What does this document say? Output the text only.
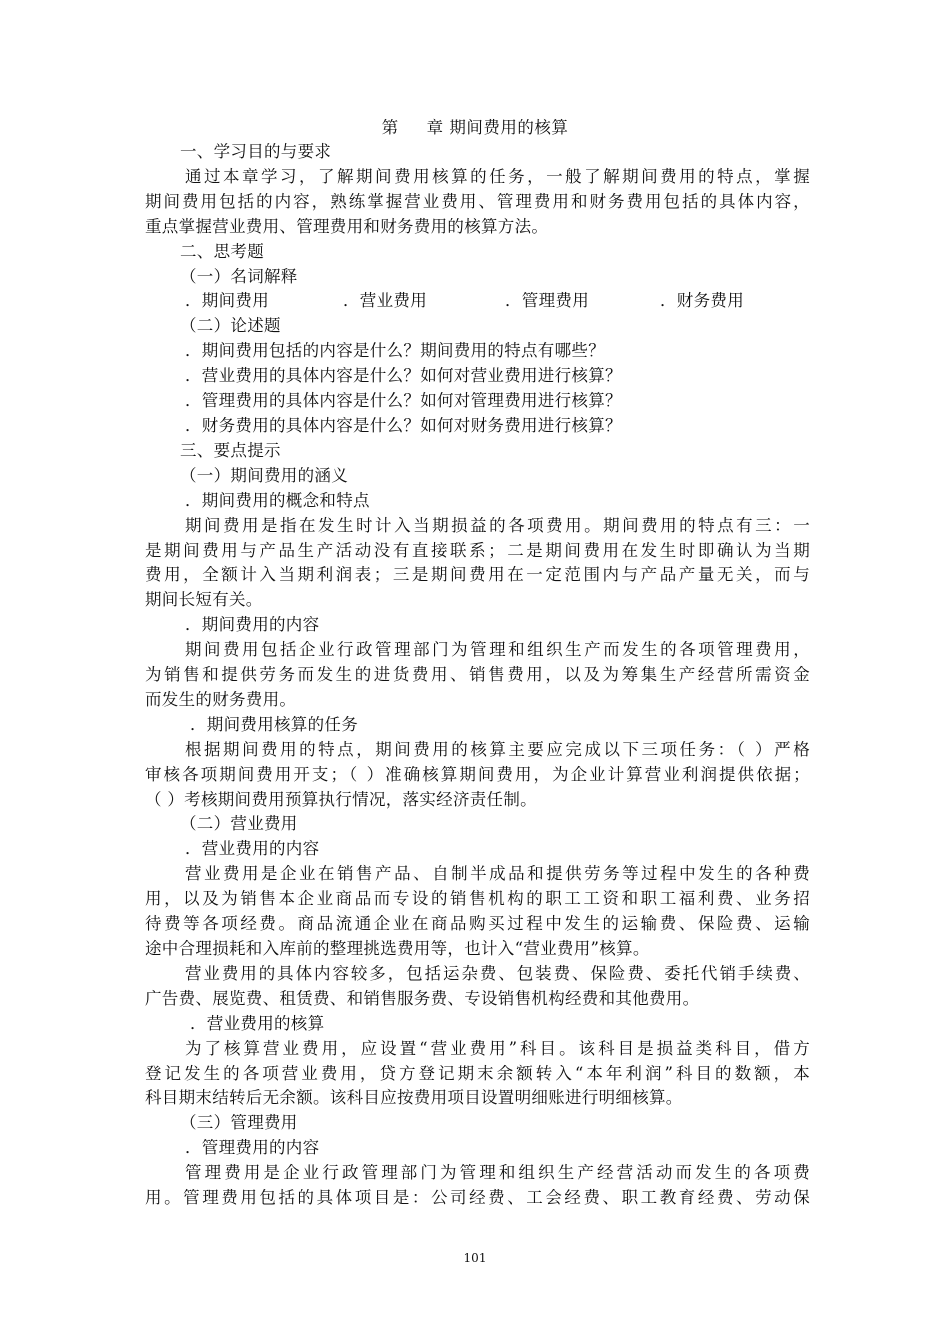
第 章 期间费用的核算
一、学习目的与要求
通过本章学习，了解期间费用核算的任务，一般了解期间费用的特点，掌握
期间费用包括的内容，熟练掌握营业费用、管理费用和财务费用包括的具体内容，
重点掌握营业费用、管理费用和财务费用的核算方法。
二、思考题
（一）名词解释
．期间费用	．营业费用	．管理费用	．财务费用
（二）论述题
．期间费用包括的内容是什么？期间费用的特点有哪些？
．营业费用的具体内容是什么？如何对营业费用进行核算？
．管理费用的具体内容是什么？如何对管理费用进行核算？
．财务费用的具体内容是什么？如何对财务费用进行核算？
三、要点提示
（一）期间费用的涵义
．期间费用的概念和特点
期间费用是指在发生时计入当期损益的各项费用。期间费用的特点有三：一
是期间费用与产品生产活动没有直接联系；二是期间费用在发生时即确认为当期
费用，全额计入当期利润表；三是期间费用在一定范围内与产品产量无关，而与
期间长短有关。
．期间费用的内容
期间费用包括企业行政管理部门为管理和组织生产而发生的各项管理费用，
为销售和提供劳务而发生的进货费用、销售费用，以及为筹集生产经营所需资金
而发生的财务费用。
．期间费用核算的任务
根据期间费用的特点，期间费用的核算主要应完成以下三项任务：（ ）严格
审核各项期间费用开支；（ ）准确核算期间费用，为企业计算营业利润提供依据；
（ ）考核期间费用预算执行情况，落实经济责任制。
（二）营业费用
．营业费用的内容
营业费用是企业在销售产品、自制半成品和提供劳务等过程中发生的各种费
用，以及为销售本企业商品而专设的销售机构的职工工资和职工福利费、业务招
待费等各项经费。商品流通企业在商品购买过程中发生的运输费、保险费、运输
途中合理损耗和入库前的整理挑选费用等，也计入“营业费用”核算。
营业费用的具体内容较多，包括运杂费、包装费、保险费、委托代销手续费、
广告费、展览费、租赁费、和销售服务费、专设销售机构经费和其他费用。
．营业费用的核算
为了核算营业费用，应设置“营业费用”科目。该科目是损益类科目，借方
登记发生的各项营业费用，贷方登记期末余额转入“本年利润”科目的数额，本
科目期末结转后无余额。该科目应按费用项目设置明细账进行明细核算。
（三）管理费用
．管理费用的内容
管理费用是企业行政管理部门为管理和组织生产经营活动而发生的各项费
用。管理费用包括的具体项目是：公司经费、工会经费、职工教育经费、劳动保
101
